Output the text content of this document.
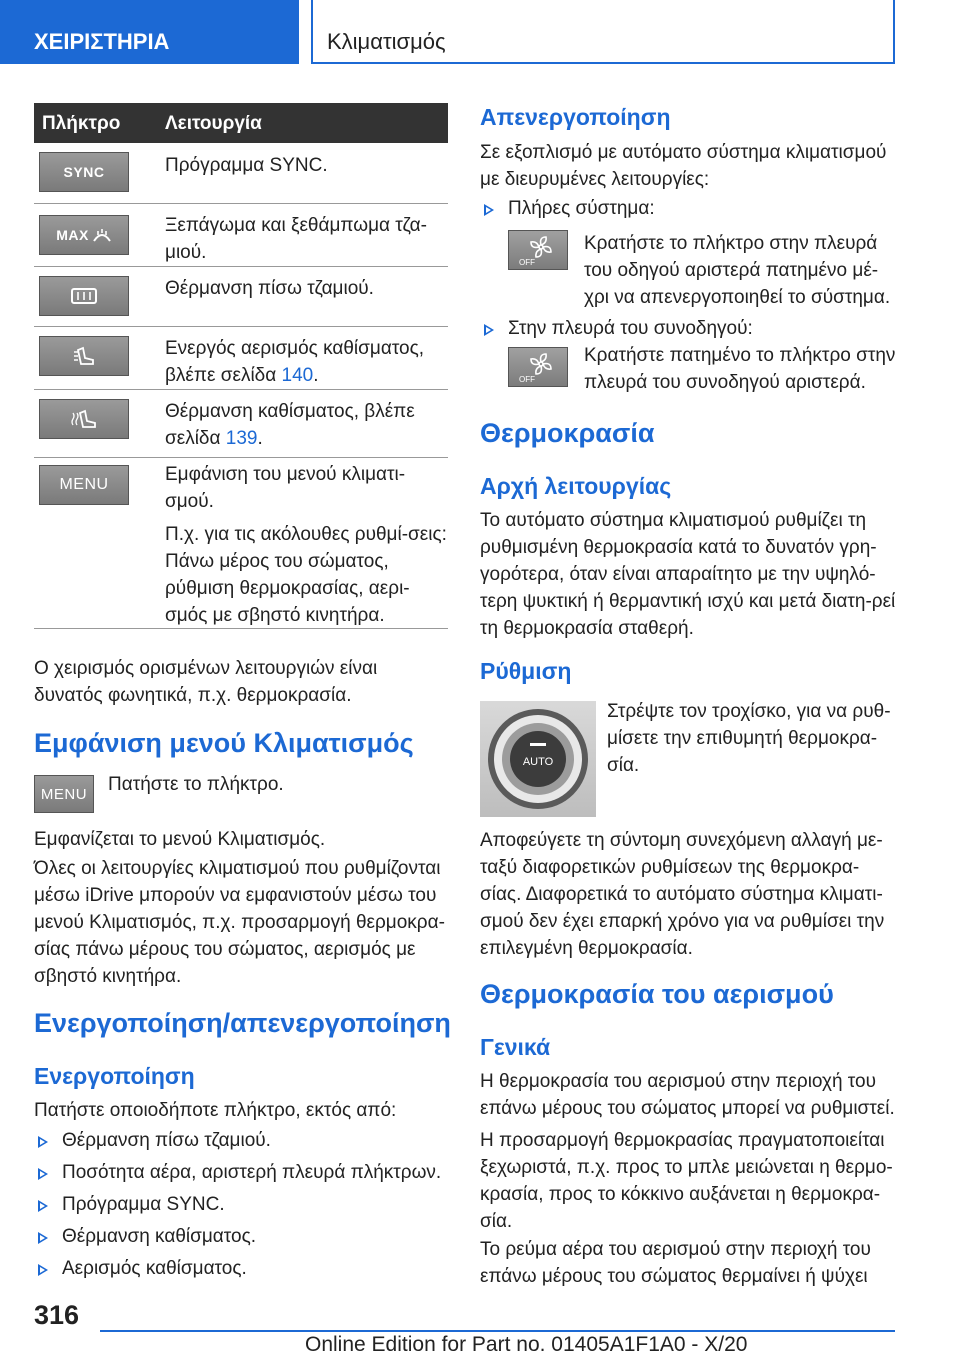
ΧΕΙΡΙΣΤΗΡΙΑ	Κλιματισμός
Πλήκτρο Λειτουργία
SYNC	Πρόγραμμα SYNC.
MAX	Ξεπάγωμα και ξεθάμπωμα τζα-μιού.
Θέρμανση πίσω τζαμιού.
Ενεργός αερισμός καθίσματος, βλέπε σελίδα 140.
Θέρμανση καθίσματος, βλέπε σελίδα 139.
MENU	Εμφάνιση του μενού κλιματι-σμού.
Π.χ. για τις ακόλουθες ρυθμί-σεις: Πάνω μέρος του σώματος, ρύθμιση θερμοκρασίας, αερι-σμός με σβηστό κινητήρα.

Ο χειρισμός ορισμένων λειτουργιών είναι δυνατός φωνητικά, π.χ. θερμοκρασία.

Εμφάνιση μενού Κλιματισμός
MENU	Πατήστε το πλήκτρο.

Εμφανίζεται το μενού Κλιματισμός.

Όλες οι λειτουργίες κλιματισμού που ρυθμίζονται μέσω iDrive μπορούν να εμφανιστούν μέσω του μενού Κλιματισμός, π.χ. προσαρμογή θερμοκρα-σίας πάνω μέρους του σώματος, αερισμός με σβηστό κινητήρα.

Ενεργοποίηση/απενεργοποίηση
Ενεργοποίηση

Πατήστε οποιοδήποτε πλήκτρο, εκτός από:

Θέρμανση πίσω τζαμιού.

Ποσότητα αέρα, αριστερή πλευρά πλήκτρων.

Πρόγραμμα SYNC.

Θέρμανση καθίσματος.

Αερισμός καθίσματος.

Απενεργοποίηση

Σε εξοπλισμό με αυτόματο σύστημα κλιματισμού με διευρυμένες λειτουργίες:

Πλήρες σύστημα:

OFF

Κρατήστε το πλήκτρο στην πλευρά του οδηγού αριστερά πατημένο μέ-χρι να απενεργοποιηθεί το σύστημα.

Στην πλευρά του συνοδηγού:

OFF

Κρατήστε πατημένο το πλήκτρο στην πλευρά του συνοδηγού αριστερά.

Θερμοκρασία
Αρχή λειτουργίας

Το αυτόματο σύστημα κλιματισμού ρυθμίζει τη ρυθμισμένη θερμοκρασία κατά το δυνατόν γρη-γορότερα, όταν είναι απαραίτητο με την υψηλό-τερη ψυκτική ή θερμαντική ισχύ και μετά διατη-ρεί τη θερμοκρασία σταθερή.

Ρύθμιση
AUTO

Στρέψτε τον τροχίσκο, για να ρυθ-μίσετε την επιθυμητή θερμοκρα-σία.

Αποφεύγετε τη σύντομη συνεχόμενη αλλαγή με-ταξύ διαφορετικών ρυθμίσεων της θερμοκρα-σίας. Διαφορετικά το αυτόματο σύστημα κλιματι-σμού δεν έχει επαρκή χρόνο για να ρυθμίσει την επιλεγμένη θερμοκρασία.

Θερμοκρασία του αερισμού
Γενικά

Η θερμοκρασία του αερισμού στην περιοχή του επάνω μέρους του σώματος μπορεί να ρυθμιστεί.

Η προσαρμογή θερμοκρασίας πραγματοποιείται ξεχωριστά, π.χ. προς το μπλε μειώνεται η θερμο-κρασία, προς το κόκκινο αυξάνεται η θερμοκρα-σία.

Το ρεύμα αέρα του αερισμού στην περιοχή του επάνω μέρους του σώματος θερμαίνει ή ψύχει

316
Online Edition for Part no. 01405A1F1A0 - X/20
